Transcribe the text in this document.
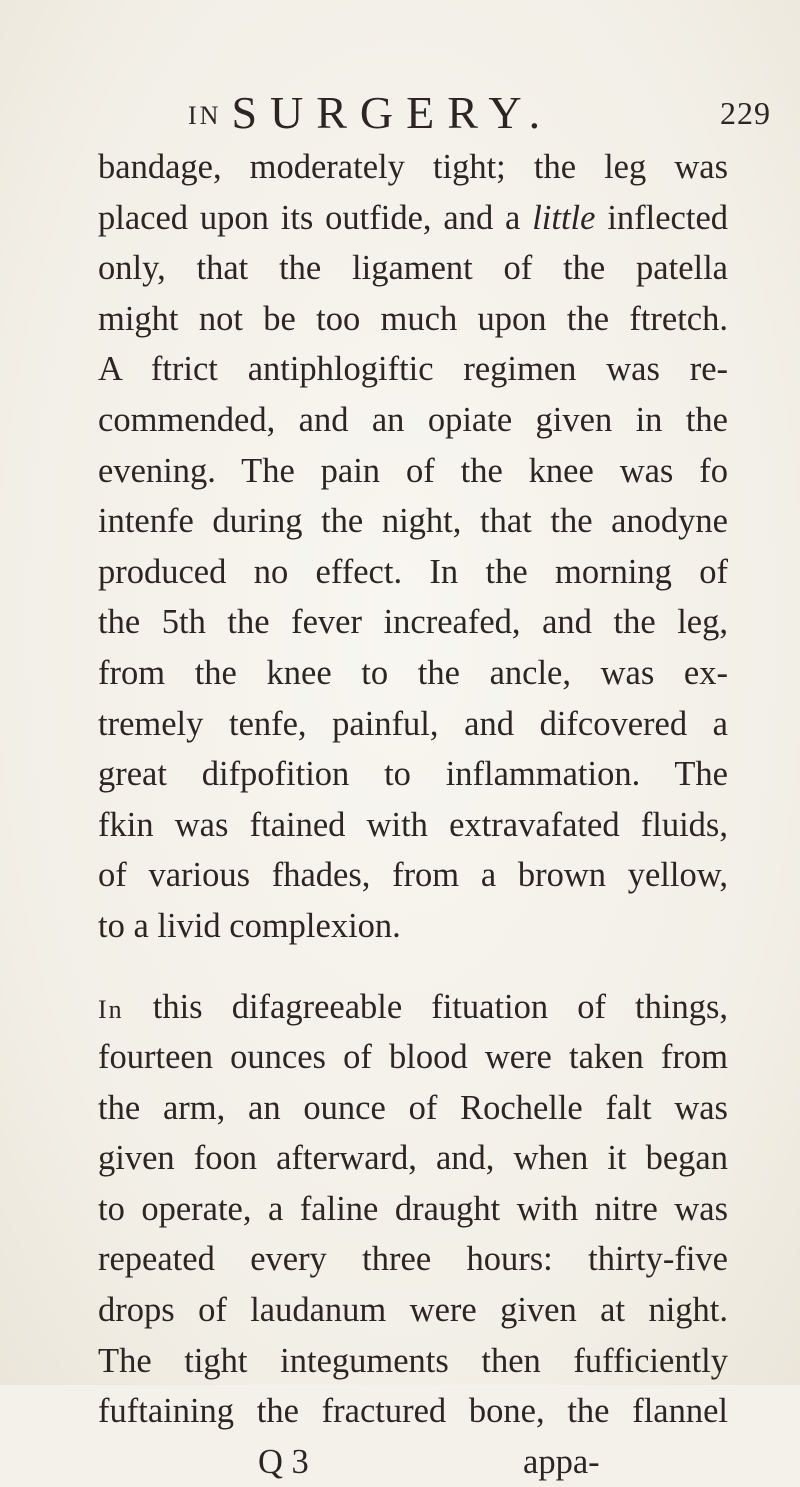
IN SURGERY.	229
bandage, moderately tight; the leg was
placed upon its outfide, and a little inflected
only, that the ligament of the patella
might not be too much upon the ftretch.
A ftrict antiphlogiftic regimen was re-
commended, and an opiate given in the
evening. The pain of the knee was fo
intenfe during the night, that the anodyne
produced no effect. In the morning of
the 5th the fever increafed, and the leg,
from the knee to the ancle, was ex-
tremely tenfe, painful, and difcovered a
great difpofition to inflammation. The
fkin was ftained with extravafated fluids,
of various fhades, from a brown yellow,
to a livid complexion.
In this difagreeable fituation of things,
fourteen ounces of blood were taken from
the arm, an ounce of Rochelle falt was
given foon afterward, and, when it began
to operate, a faline draught with nitre was
repeated every three hours: thirty-five
drops of laudanum were given at night.
The tight integuments then fufficiently
fuftaining the fractured bone, the flannel
Q 3	appa-
